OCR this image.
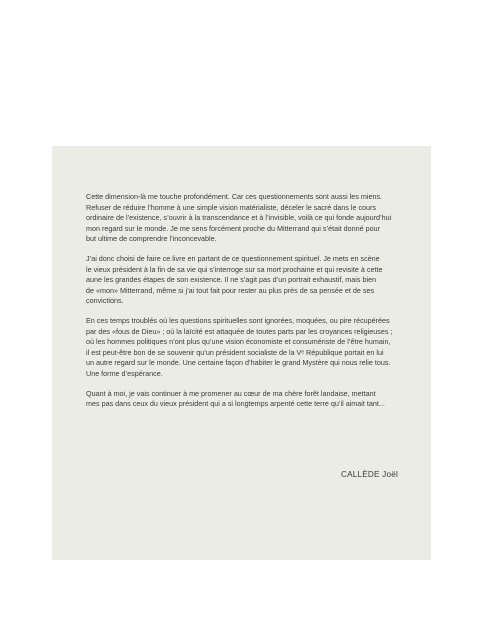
Cette dimension-là me touche profondément. Car ces questionnements sont aussi les miens.
Refuser de réduire l’homme à une simple vision matérialiste, déceler le sacré dans le cours
ordinaire de l’existence, s’ouvrir à la transcendance et à l’invisible, voilà ce qui fonde aujourd’hui
mon regard sur le monde. Je me sens forcément proche du Mitterrand qui s’était donné pour
but ultime de comprendre l’inconcevable.

J’ai donc choisi de faire ce livre en partant de ce questionnement spirituel. Je mets en scène
le vieux président à la fin de sa vie qui s’interroge sur sa mort prochaine et qui revisite à cette
aune les grandes étapes de son existence. Il ne s’agit pas d’un portrait exhaustif, mais bien
de «mon» Mitterrand, même si j’ai tout fait pour rester au plus près de sa pensée et de ses
convictions.

En ces temps troublés où les questions spirituelles sont ignorées, moquées, ou pire récupérées
par des «fous de Dieu» ; où la laïcité est attaquée de toutes parts par les croyances religieuses ;
où les hommes politiques n’ont plus qu’une vision économiste et consumériste de l’être humain,
il est peut-être bon de se souvenir qu’un président socialiste de la Vᵉ République portait en lui
un autre regard sur le monde. Une certaine façon d’habiter le grand Mystère qui nous relie tous.
Une forme d’espérance.

Quant à moi, je vais continuer à me promener au cœur de ma chère forêt landaise, mettant
mes pas dans ceux du vieux président qui a si longtemps arpenté cette terre qu’il aimait tant...

CALLÈDE Joël
